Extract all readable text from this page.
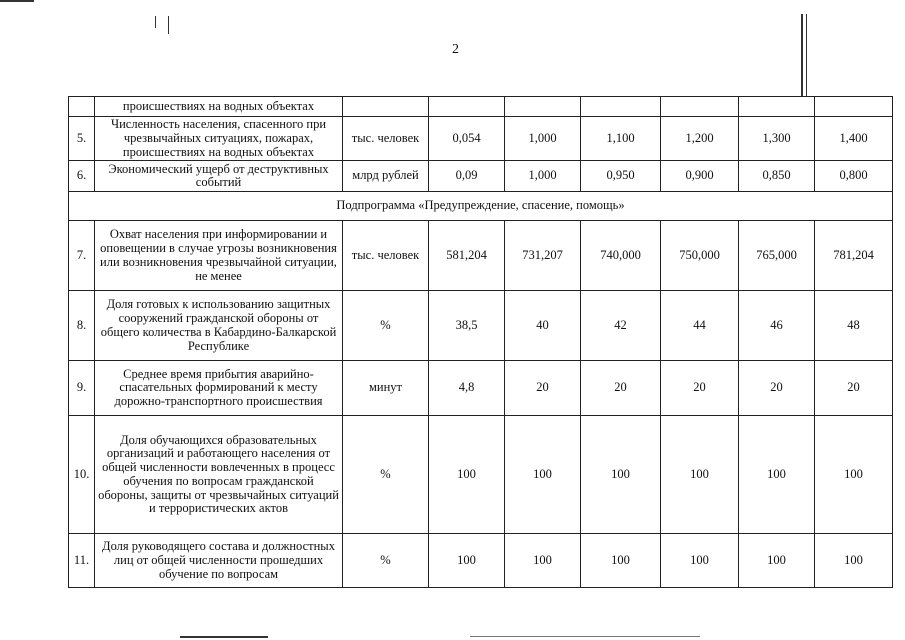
2
	происшествиях на водных объектах							
5.	Численность населения, спасенного при чрезвычайных ситуациях, пожарах, происшествиях на водных объектах	тыс. человек	0,054	1,000	1,100	1,200	1,300	1,400
6.	Экономический ущерб от деструктивных событий	млрд рублей	0,09	1,000	0,950	0,900	0,850	0,800
Подпрограмма «Предупреждение, спасение, помощь»								
7.	Охват населения при информировании и оповещении в случае угрозы возникновения или возникновения чрезвычайной ситуации, не менее	тыс. человек	581,204	731,207	740,000	750,000	765,000	781,204
8.	Доля готовых к использованию защитных сооружений гражданской обороны от общего количества в Кабардино-Балкарской Республике	%	38,5	40	42	44	46	48
9.	Среднее время прибытия аварийно-спасательных формирований к месту дорожно-транспортного происшествия	минут	4,8	20	20	20	20	20
10.	Доля обучающихся образовательных организаций и работающего населения от общей численности вовлеченных в процесс обучения по вопросам гражданской обороны, защиты от чрезвычайных ситуаций и террористических актов	%	100	100	100	100	100	100
11.	Доля руководящего состава и должностных лиц от общей численности прошедших обучение по вопросам	%	100	100	100	100	100	100
